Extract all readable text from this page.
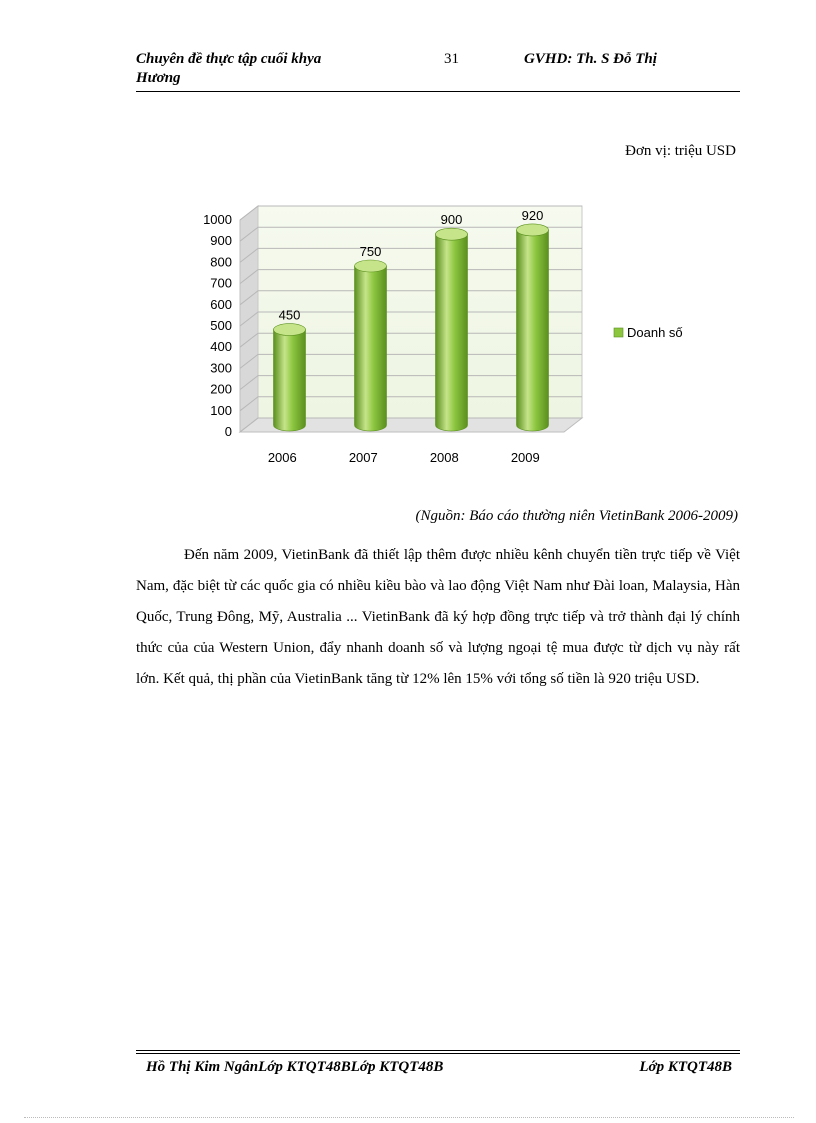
Chuyên đề thực tập cuối khya
Hương
31	GVHD: Th. S Đỗ Thị
Đơn vị: triệu USD
0
100
200
300
400
500
600
700
800
900
1000
450
2006
750
2007
900
2008
920
2009
Doanh số
(Nguồn: Báo cáo thường niên VietinBank 2006-2009)

Đến năm 2009, VietinBank đã thiết lập thêm được nhiều kênh chuyển tiền trực tiếp về Việt Nam, đặc biệt từ các quốc gia có nhiều kiều bào và lao động Việt Nam như Đài loan, Malaysia, Hàn Quốc, Trung Đông, Mỹ, Australia ... VietinBank đã ký hợp đồng trực tiếp và trở thành đại lý chính thức của của Western Union, đẩy nhanh doanh số và lượng ngoại tệ mua được từ dịch vụ này rất lớn. Kết quả, thị phần của VietinBank tăng từ 12% lên 15% với tổng số tiền là 920 triệu USD.

Hồ Thị Kim NgânLớp KTQT48BLớp KTQT48B	Lớp KTQT48B
